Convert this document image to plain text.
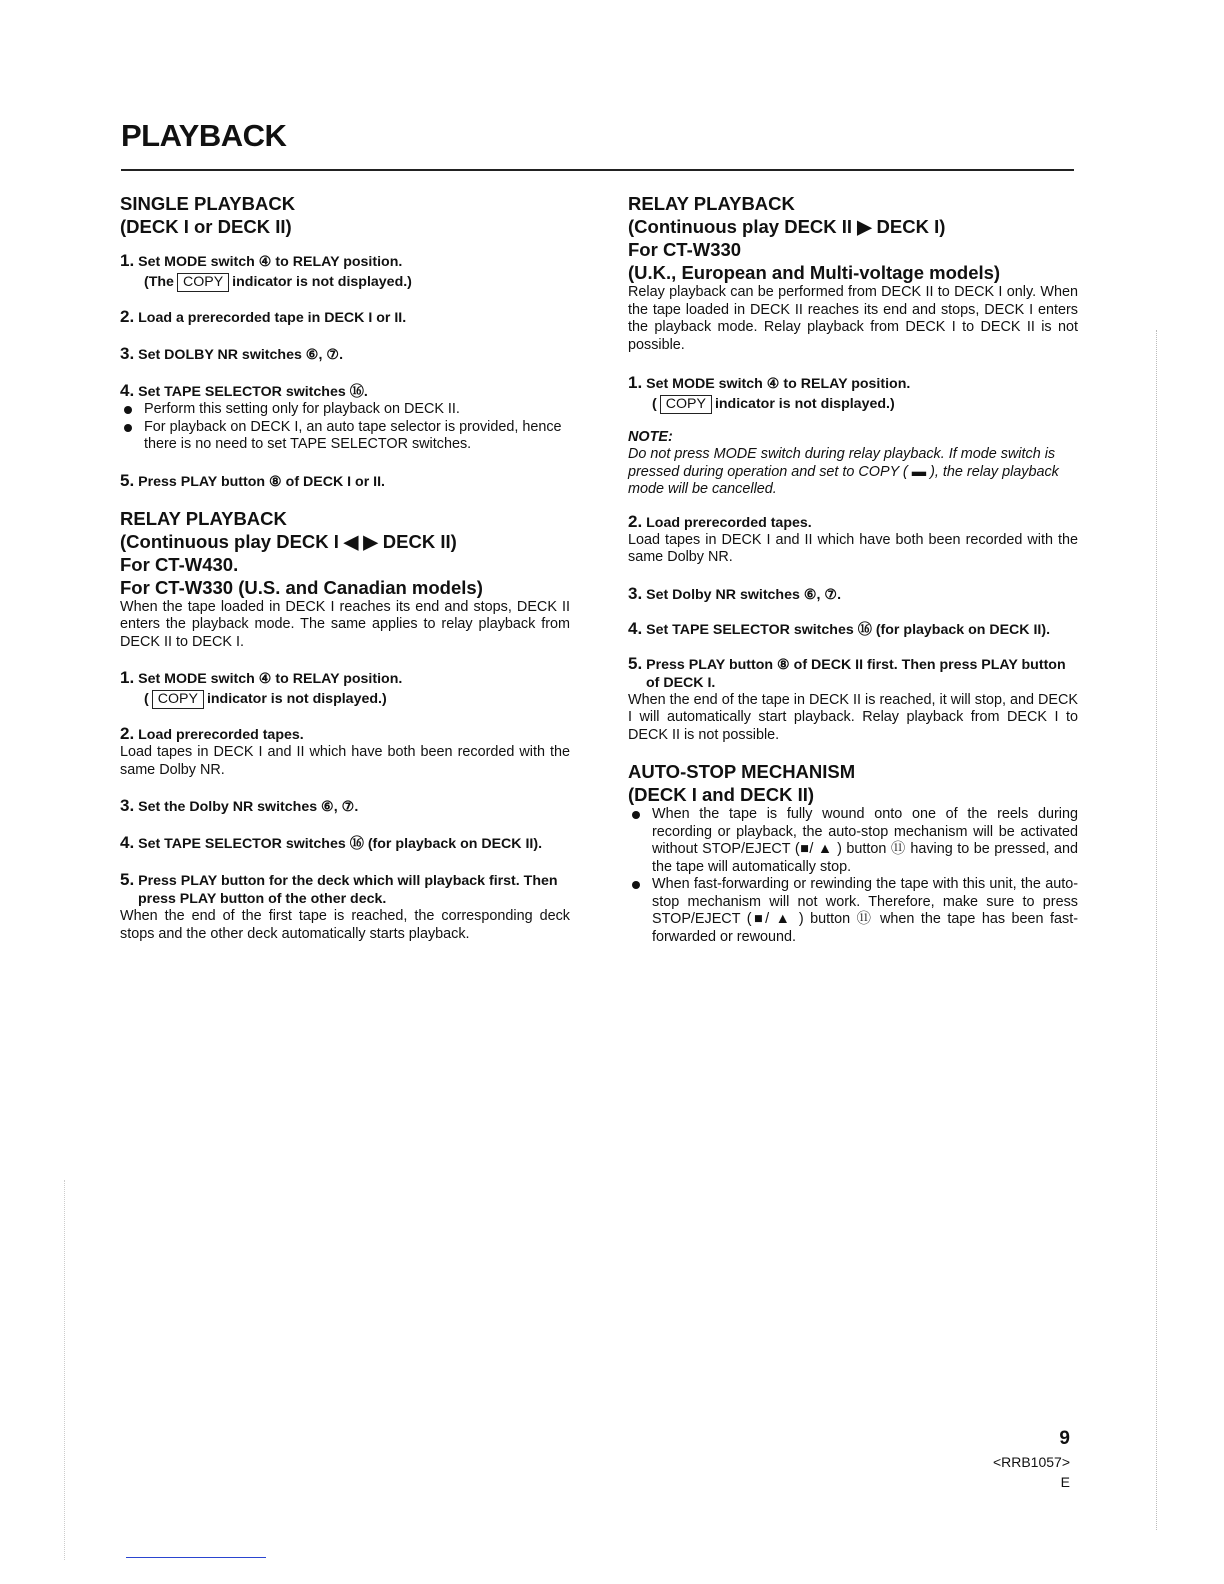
PLAYBACK
SINGLE PLAYBACK
(DECK I or DECK II)
1. Set MODE switch ④ to RELAY position.
(The COPY indicator is not displayed.)
2. Load a prerecorded tape in DECK I or II.
3. Set DOLBY NR switches ⑥, ⑦.
4. Set TAPE SELECTOR switches ⑯.
Perform this setting only for playback on DECK II.
For playback on DECK I, an auto tape selector is provided, hence there is no need to set TAPE SELECTOR switches.
5. Press PLAY button ⑧ of DECK I or II.
RELAY PLAYBACK
(Continuous play DECK I ◀ ▶ DECK II)
For CT-W430.
For CT-W330 (U.S. and Canadian models)
When the tape loaded in DECK I reaches its end and stops, DECK II enters the playback mode. The same applies to relay playback from DECK II to DECK I.
1. Set MODE switch ④ to RELAY position.
( COPY indicator is not displayed.)
2. Load prerecorded tapes.
Load tapes in DECK I and II which have both been recorded with the same Dolby NR.
3. Set the Dolby NR switches ⑥, ⑦.
4. Set TAPE SELECTOR switches ⑯ (for playback on DECK II).
5. Press PLAY button for the deck which will playback first. Then press PLAY button of the other deck.
When the end of the first tape is reached, the corresponding deck stops and the other deck automatically starts playback.
RELAY PLAYBACK
(Continuous play DECK II ▶ DECK I)
For CT-W330
(U.K., European and Multi-voltage models)
Relay playback can be performed from DECK II to DECK I only. When the tape loaded in DECK II reaches its end and stops, DECK I enters the playback mode. Relay playback from DECK I to DECK II is not possible.
1. Set MODE switch ④ to RELAY position.
( COPY indicator is not displayed.)
NOTE:
Do not press MODE switch during relay playback. If mode switch is pressed during operation and set to COPY ( ▬ ), the relay playback mode will be cancelled.
2. Load prerecorded tapes.
Load tapes in DECK I and II which have both been recorded with the same Dolby NR.
3. Set Dolby NR switches ⑥, ⑦.
4. Set TAPE SELECTOR switches ⑯ (for playback on DECK II).
5. Press PLAY button ⑧ of DECK II first. Then press PLAY button of DECK I.
When the end of the tape in DECK II is reached, it will stop, and DECK I will automatically start playback. Relay playback from DECK I to DECK II is not possible.
AUTO-STOP MECHANISM
(DECK I and DECK II)
When the tape is fully wound onto one of the reels during recording or playback, the auto-stop mechanism will be activated without STOP/EJECT (■/ ▲ ) button ⑪ having to be pressed, and the tape will automatically stop.
When fast-forwarding or rewinding the tape with this unit, the auto-stop mechanism will not work. Therefore, make sure to press STOP/EJECT (■/ ▲ ) button ⑪ when the tape has been fast-forwarded or rewound.
9
<RRB1057>
E
